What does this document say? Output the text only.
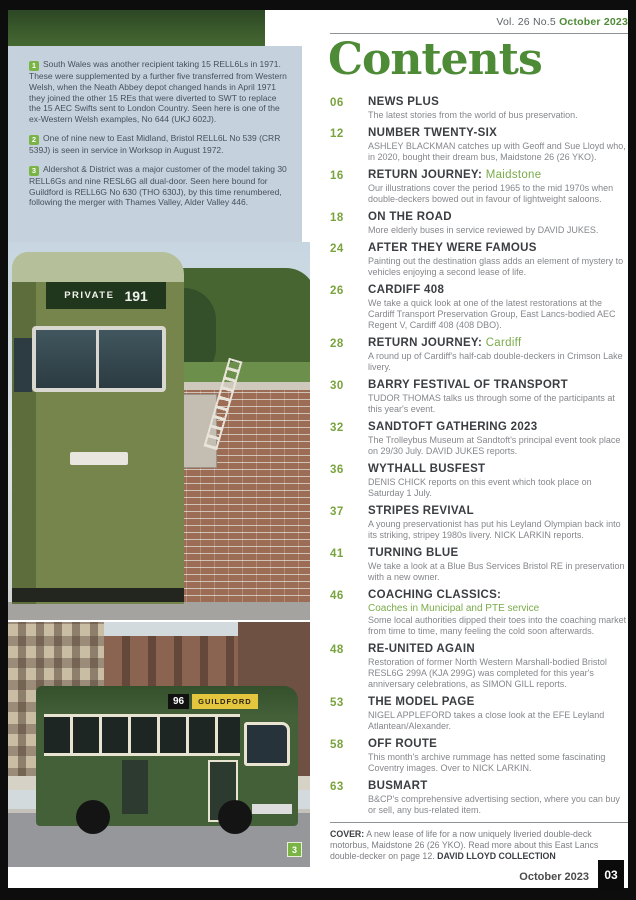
1 South Wales was another recipient taking 15 RELL6Ls in 1971. These were supplemented by a further five transferred from Western Welsh, when the Neath Abbey depot changed hands in April 1971 they joined the other 15 REs that were diverted to SWT to replace the 15 AEC Swifts sent to London Country. Seen here is one of the ex-Western Welsh examples, No 644 (UKJ 602J).

2 One of nine new to East Midland, Bristol RELL6L No 539 (CRR 539J) is seen in service in Worksop in August 1972.

3 Aldershot & District was a major customer of the model taking 30 RELL6Gs and nine RESL6G all dual-door. Seen here bound for Guildford is RELL6G No 630 (THO 630J), by this time renumbered, following the merger with Thames Valley, Alder Valley 446.

PRIVATE 191
96	GUILDFORD
3
Vol. 26 No.5 October 2023
Contents
06	NEWS PLUS
The latest stories from the world of bus preservation.
12	NUMBER TWENTY-SIX
ASHLEY BLACKMAN catches up with Geoff and Sue Lloyd who, in 2020, bought their dream bus, Maidstone 26 (26 YKO).
16	RETURN JOURNEY: Maidstone
Our illustrations cover the period 1965 to the mid 1970s when double-deckers bowed out in favour of lightweight saloons.
18	ON THE ROAD
More elderly buses in service reviewed by DAVID JUKES.
24	AFTER THEY WERE FAMOUS
Painting out the destination glass adds an element of mystery to vehicles enjoying a second lease of life.
26	CARDIFF 408
We take a quick look at one of the latest restorations at the Cardiff Transport Preservation Group, East Lancs-bodied AEC Regent V, Cardiff 408 (408 DBO).
28	RETURN JOURNEY: Cardiff
A round up of Cardiff's half-cab double-deckers in Crimson Lake livery.
30	BARRY FESTIVAL OF TRANSPORT
TUDOR THOMAS talks us through some of the participants at this year's event.
32	SANDTOFT GATHERING 2023
The Trolleybus Museum at Sandtoft's principal event took place on 29/30 July. DAVID JUKES reports.
36	WYTHALL BUSFEST
DENIS CHICK reports on this event which took place on Saturday 1 July.
37	STRIPES REVIVAL
A young preservationist has put his Leyland Olympian back into its striking, stripey 1980s livery. NICK LARKIN reports.
41	TURNING BLUE
We take a look at a Blue Bus Services Bristol RE in preservation with a new owner.
46	COACHING CLASSICS:
Coaches in Municipal and PTE service
Some local authorities dipped their toes into the coaching market from time to time, many feeling the cold soon afterwards.
48	RE-UNITED AGAIN
Restoration of former North Western Marshall-bodied Bristol RESL6G 299A (KJA 299G) was completed for this year's anniversary celebrations, as SIMON GILL reports.
53	THE MODEL PAGE
NIGEL APPLEFORD takes a close look at the EFE Leyland Atlantean/Alexander.
58	OFF ROUTE
This month's archive rummage has netted some fascinating Coventry images. Over to NICK LARKIN.
63	BUSMART
B&CP's comprehensive advertising section, where you can buy or sell, any bus-related item.
COVER: A new lease of life for a now uniquely liveried double-deck motorbus, Maidstone 26 (26 YKO). Read more about this East Lancs double-decker on page 12. DAVID LLOYD COLLECTION
October 2023	03
